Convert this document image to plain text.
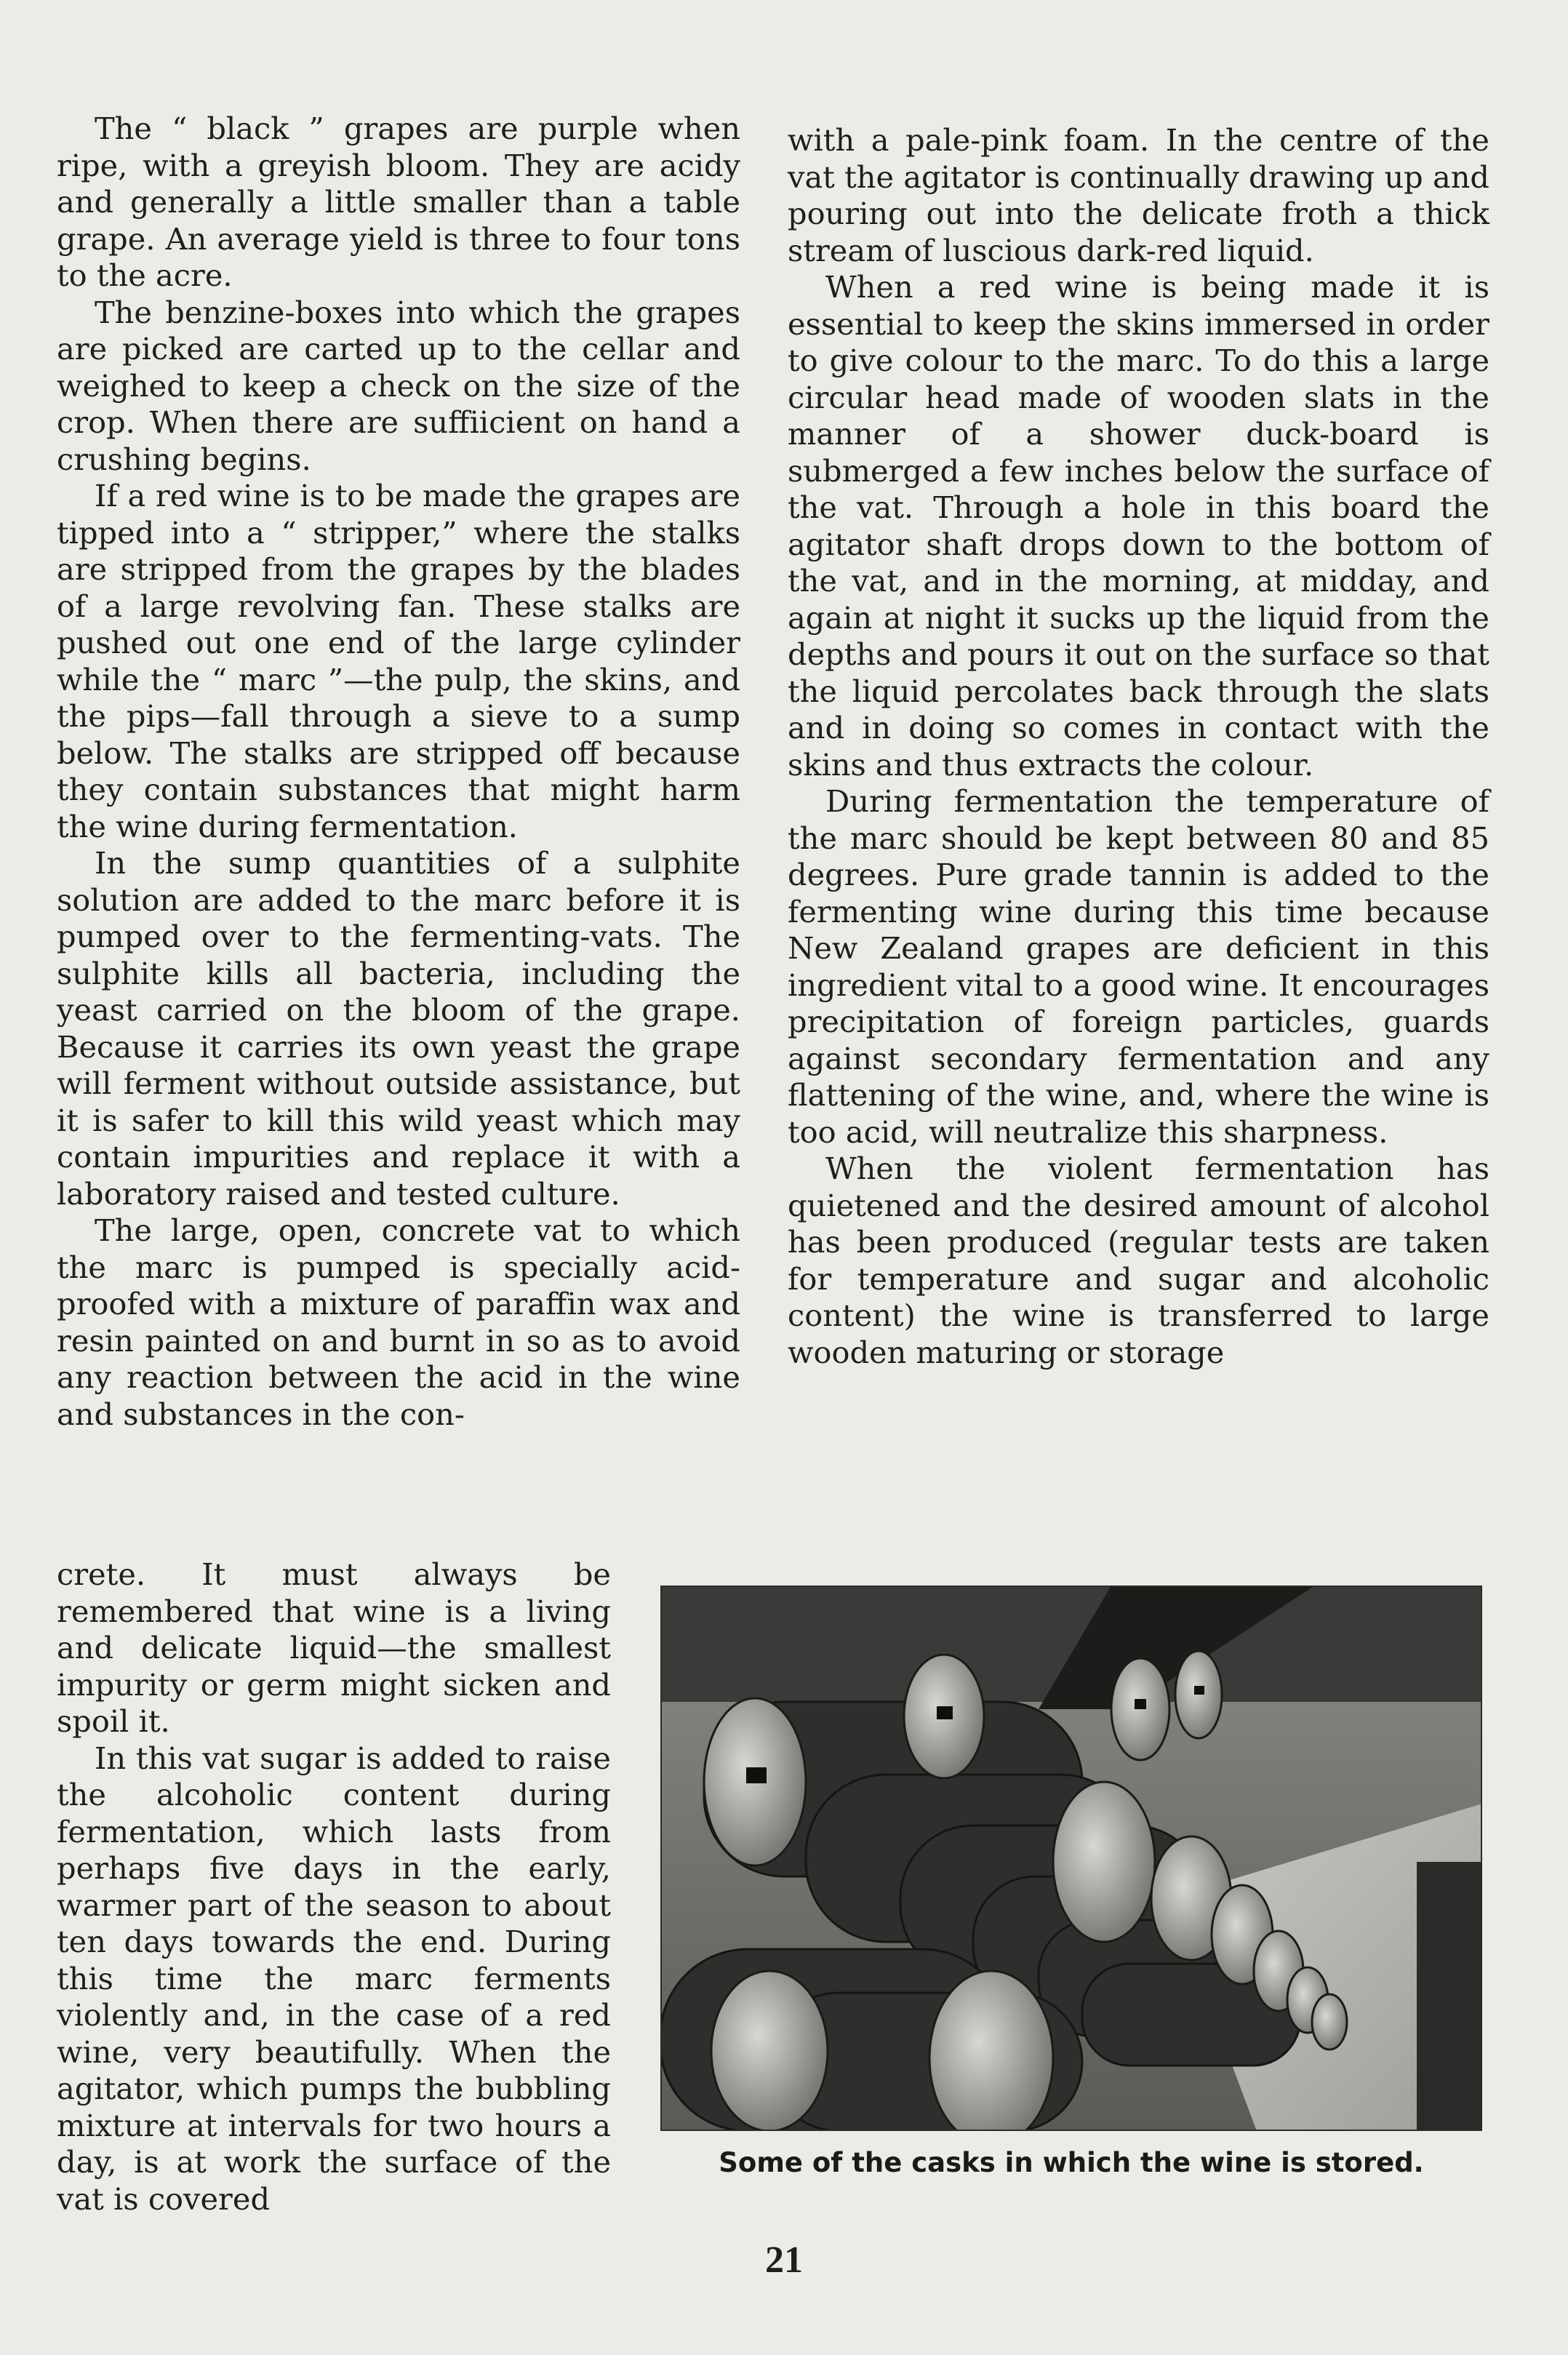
The “ black ” grapes are purple when ripe, with a greyish bloom. They are acidy and generally a little smaller than a table grape. An average yield is three to four tons to the acre.

The benzine-boxes into which the grapes are picked are carted up to the cellar and weighed to keep a check on the size of the crop. When there are suffiicient on hand a crushing begins.

If a red wine is to be made the grapes are tipped into a “ stripper,” where the stalks are stripped from the grapes by the blades of a large revolving fan. These stalks are pushed out one end of the large cylinder while the “ marc ”—the pulp, the skins, and the pips—fall through a sieve to a sump below. The stalks are stripped off because they contain substances that might harm the wine during fermentation.

In the sump quantities of a sulphite solution are added to the marc before it is pumped over to the fermenting-vats. The sulphite kills all bacteria, including the yeast carried on the bloom of the grape. Because it carries its own yeast the grape will ferment without outside assistance, but it is safer to kill this wild yeast which may contain impurities and replace it with a laboratory raised and tested culture.

The large, open, concrete vat to which the marc is pumped is specially acid-proofed with a mixture of paraffin wax and resin painted on and burnt in so as to avoid any reaction between the acid in the wine and substances in the con-

crete. It must always be remembered that wine is a living and delicate liquid—the smallest impurity or germ might sicken and spoil it.

In this vat sugar is added to raise the alcoholic content during fermentation, which lasts from perhaps five days in the early, warmer part of the season to about ten days towards the end. During this time the marc ferments violently and, in the case of a red wine, very beautifully. When the agitator, which pumps the bubbling mixture at intervals for two hours a day, is at work the surface of the vat is covered

with a pale-pink foam. In the centre of the vat the agitator is continually drawing up and pouring out into the delicate froth a thick stream of luscious dark-red liquid.

When a red wine is being made it is essential to keep the skins immersed in order to give colour to the marc. To do this a large circular head made of wooden slats in the manner of a shower duck-board is submerged a few inches below the surface of the vat. Through a hole in this board the agitator shaft drops down to the bottom of the vat, and in the morning, at midday, and again at night it sucks up the liquid from the depths and pours it out on the surface so that the liquid percolates back through the slats and in doing so comes in contact with the skins and thus extracts the colour.

During fermentation the temperature of the marc should be kept between 80 and 85 degrees. Pure grade tannin is added to the fermenting wine during this time because New Zealand grapes are deficient in this ingredient vital to a good wine. It encourages precipitation of foreign particles, guards against secondary fermentation and any flattening of the wine, and, where the wine is too acid, will neutralize this sharpness.

When the violent fermentation has quietened and the desired amount of alcohol has been produced (regular tests are taken for temperature and sugar and alcoholic content) the wine is transferred to large wooden maturing or storage

Some of the casks in which the wine is stored.
21
